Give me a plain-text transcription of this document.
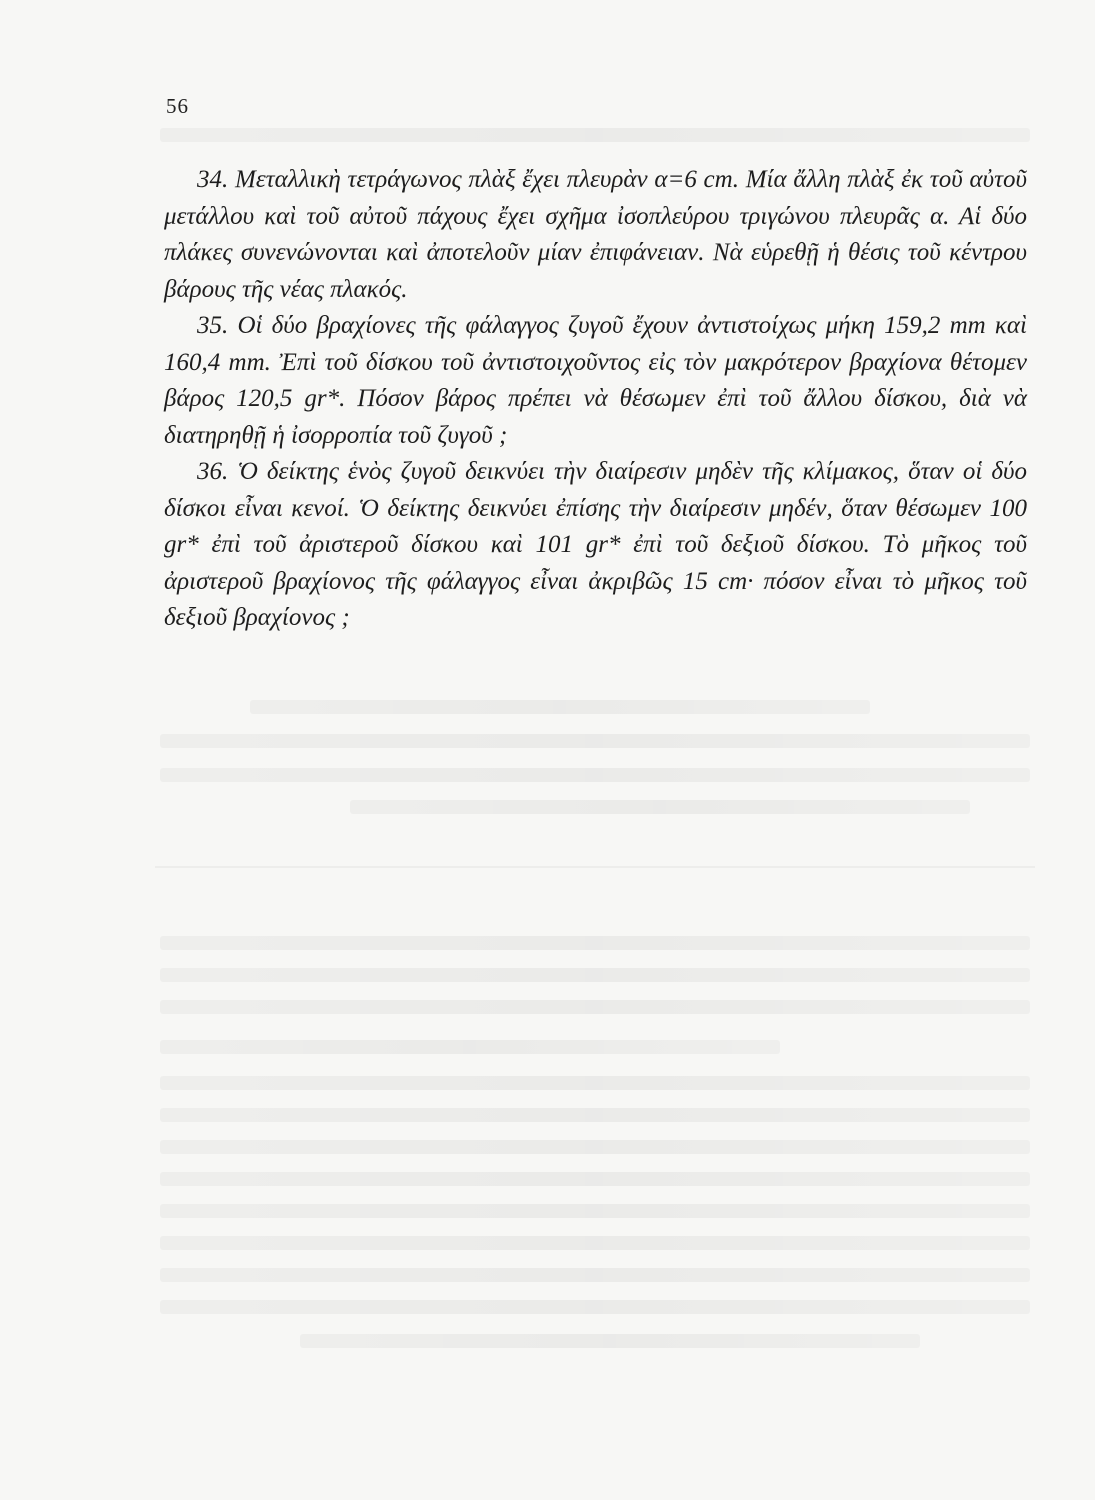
56

34. Μεταλλικὴ τετράγωνος πλὰξ ἔχει πλευρὰν α=6 cm. Μία ἄλλη πλὰξ ἐκ τοῦ αὐτοῦ μετάλλου καὶ τοῦ αὐτοῦ πάχους ἔχει σχῆμα ἰσοπλεύρου τριγώνου πλευρᾶς α. Αἱ δύο πλάκες συνενώνονται καὶ ἀποτελοῦν μίαν ἐπιφάνειαν. Νὰ εὑρεθῇ ἡ θέσις τοῦ κέντρου βάρους τῆς νέας πλακός.

35. Οἱ δύο βραχίονες τῆς φάλαγγος ζυγοῦ ἔχουν ἀντιστοίχως μήκη 159,2 mm καὶ 160,4 mm. Ἐπὶ τοῦ δίσκου τοῦ ἀντιστοιχοῦντος εἰς τὸν μακρότερον βραχίονα θέτομεν βάρος 120,5 gr*. Πόσον βάρος πρέπει νὰ θέσωμεν ἐπὶ τοῦ ἄλλου δίσκου, διὰ νὰ διατηρηθῇ ἡ ἰσορροπία τοῦ ζυγοῦ ;

36. Ὁ δείκτης ἑνὸς ζυγοῦ δεικνύει τὴν διαίρεσιν μηδὲν τῆς κλίμακος, ὅταν οἱ δύο δίσκοι εἶναι κενοί. Ὁ δείκτης δεικνύει ἐπίσης τὴν διαίρεσιν μηδέν, ὅταν θέσωμεν 100 gr* ἐπὶ τοῦ ἀριστεροῦ δίσκου καὶ 101 gr* ἐπὶ τοῦ δεξιοῦ δίσκου. Τὸ μῆκος τοῦ ἀριστεροῦ βραχίονος τῆς φάλαγγος εἶναι ἀκριβῶς 15 cm· πόσον εἶναι τὸ μῆκος τοῦ δεξιοῦ βραχίονος ;
